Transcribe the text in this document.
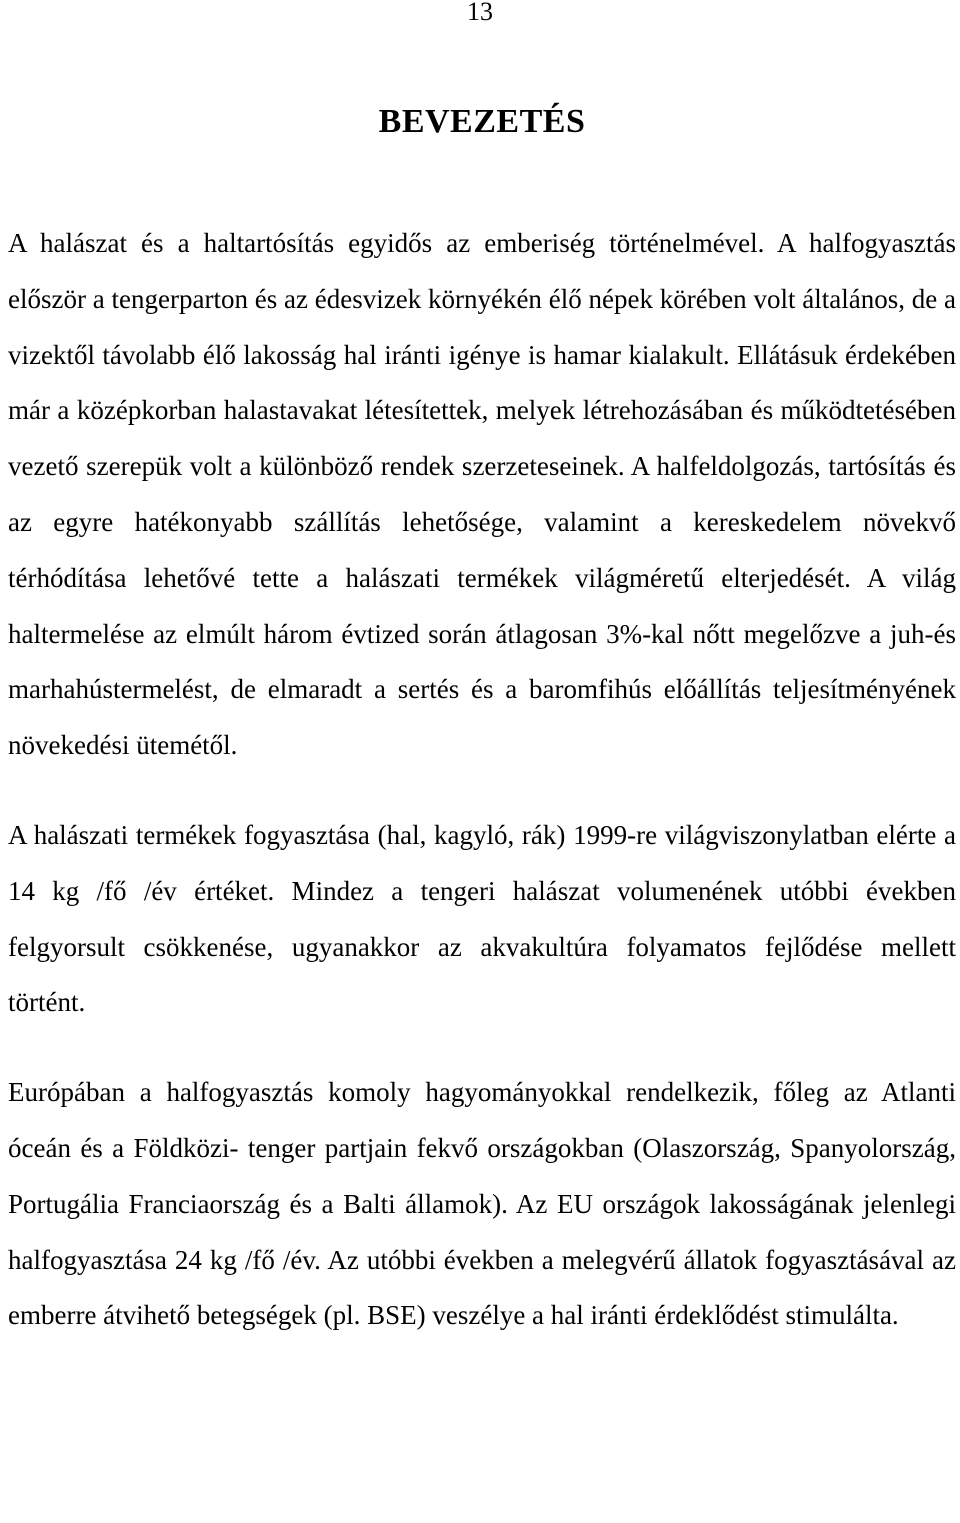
13
BEVEZETÉS

A halászat és a haltartósítás egyidős az emberiség történelmével. A halfogyasztás először a tengerparton és az édesvizek környékén élő népek körében volt általános, de a vizektől távolabb élő lakosság hal iránti igénye is hamar kialakult. Ellátásuk érdekében már a középkorban halastavakat létesítettek, melyek létrehozásában és működtetésében vezető szerepük volt a különböző rendek szerzeteseinek. A halfeldolgozás, tartósítás és az egyre hatékonyabb szállítás lehetősége, valamint a kereskedelem növekvő térhódítása lehetővé tette a halászati termékek világméretű elterjedését. A világ haltermelése az elmúlt három évtized során átlagosan 3%-kal nőtt megelőzve a juh-és marhahústermelést, de elmaradt a sertés és a baromfihús előállítás teljesítményének növekedési ütemétől.

A halászati termékek fogyasztása (hal, kagyló, rák) 1999-re világviszonylatban elérte a 14 kg /fő /év értéket. Mindez a tengeri halászat volumenének utóbbi években felgyorsult csökkenése, ugyanakkor az akvakultúra folyamatos fejlődése mellett történt.

Európában a halfogyasztás komoly hagyományokkal rendelkezik, főleg az Atlanti óceán és a Földközi- tenger partjain fekvő országokban (Olaszország, Spanyolország, Portugália Franciaország és a Balti államok). Az EU országok lakosságának jelenlegi halfogyasztása 24 kg /fő /év. Az utóbbi években a melegvérű állatok fogyasztásával az emberre átvihető betegségek (pl. BSE) veszélye a hal iránti érdeklődést stimulálta.
